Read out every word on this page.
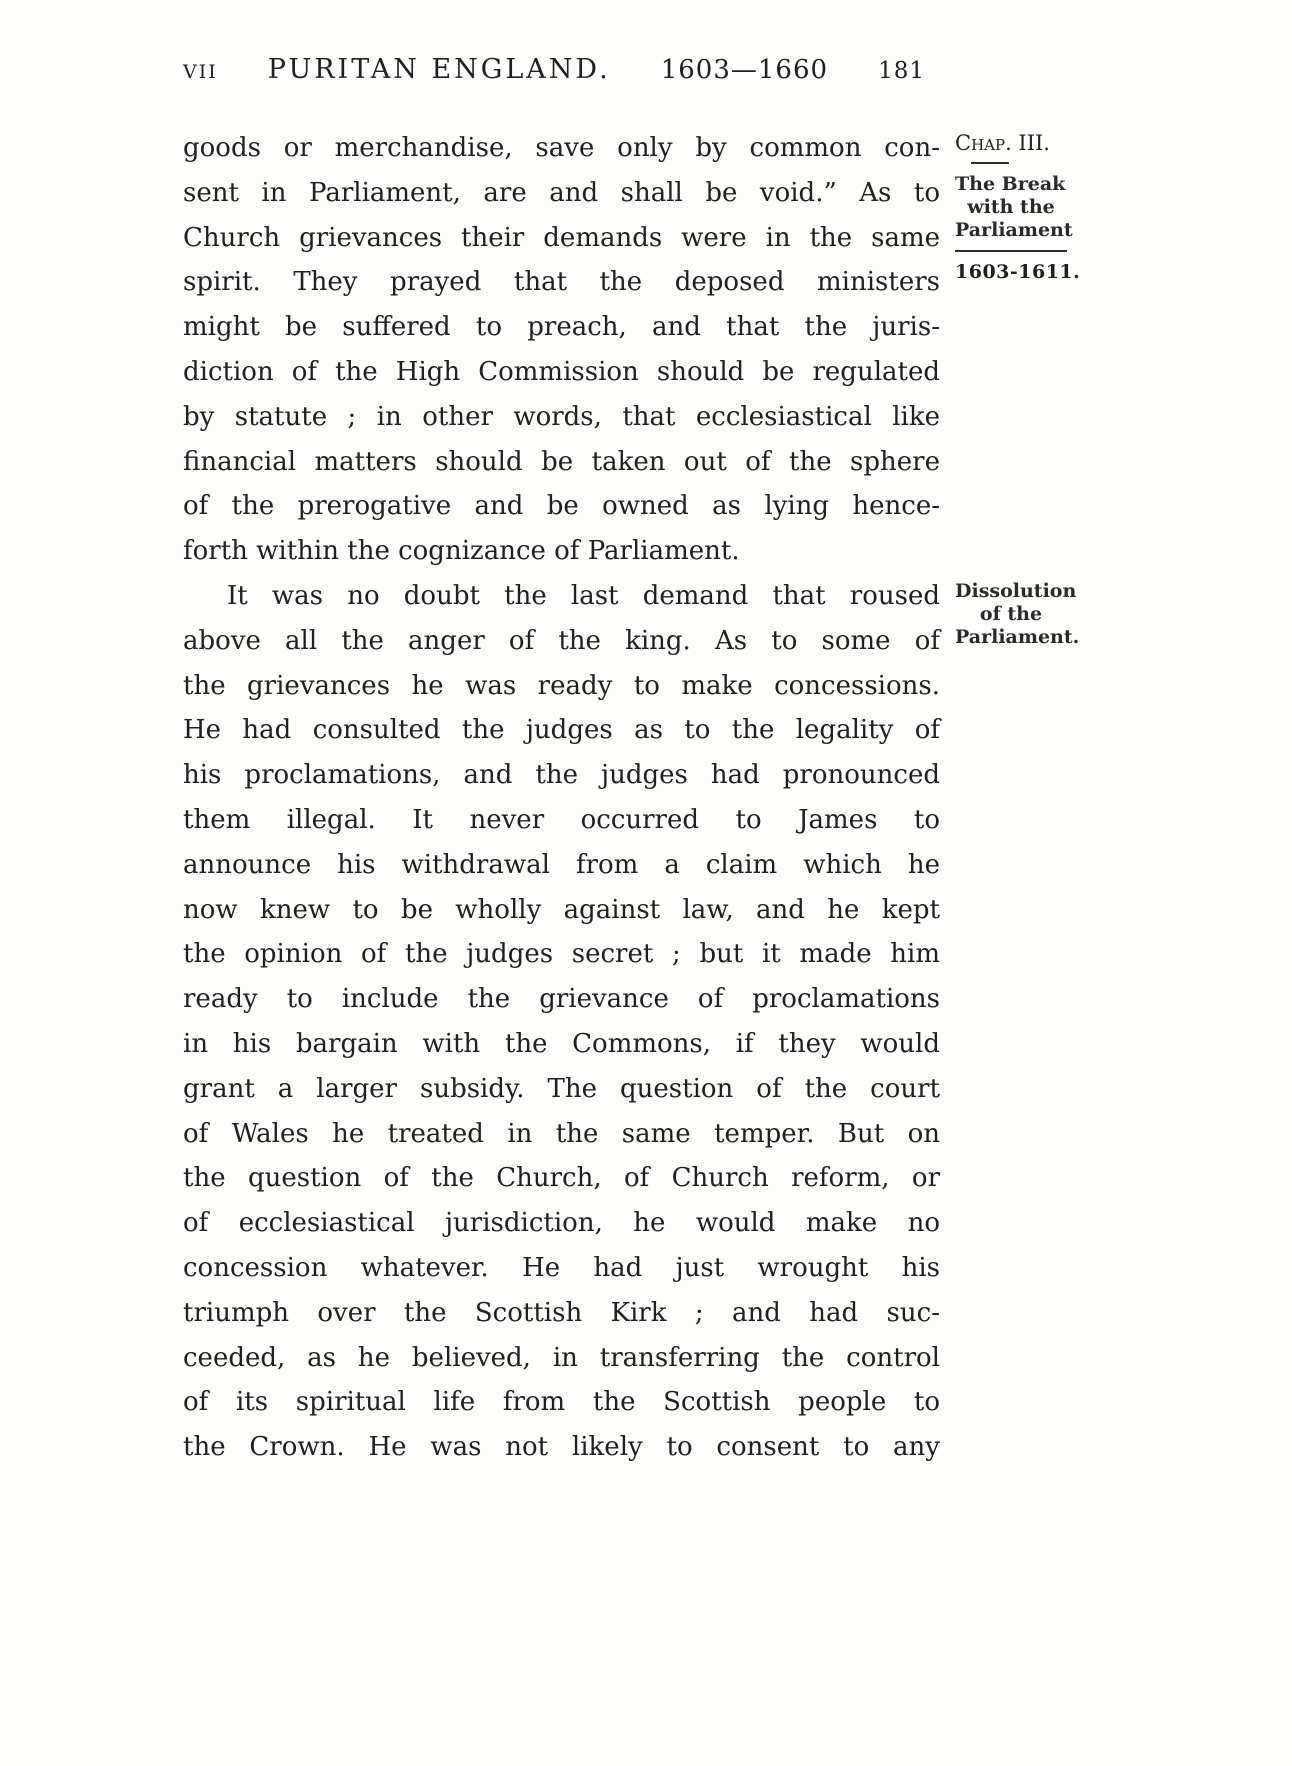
VII PURITAN ENGLAND. 1603—1660 181
goods or merchandise, save only by common con-
sent in Parliament, are and shall be void.” As to
Church grievances their demands were in the same
spirit. They prayed that the deposed ministers
might be suffered to preach, and that the juris-
diction of the High Commission should be regulated
by statute ; in other words, that ecclesiastical like
financial matters should be taken out of the sphere
of the prerogative and be owned as lying hence-
forth within the cognizance of Parliament.
It was no doubt the last demand that roused
above all the anger of the king. As to some of
the grievances he was ready to make concessions.
He had consulted the judges as to the legality of
his proclamations, and the judges had pronounced
them illegal. It never occurred to James to
announce his withdrawal from a claim which he
now knew to be wholly against law, and he kept
the opinion of the judges secret ; but it made him
ready to include the grievance of proclamations
in his bargain with the Commons, if they would
grant a larger subsidy. The question of the court
of Wales he treated in the same temper. But on
the question of the Church, of Church reform, or
of ecclesiastical jurisdiction, he would make no
concession whatever. He had just wrought his
triumph over the Scottish Kirk ; and had suc-
ceeded, as he believed, in transferring the control
of its spiritual life from the Scottish people to
the Crown. He was not likely to consent to any
Chap. III.
The Break
with the
Parliament
1603-1611.
Dissolution
of the
Parliament.
